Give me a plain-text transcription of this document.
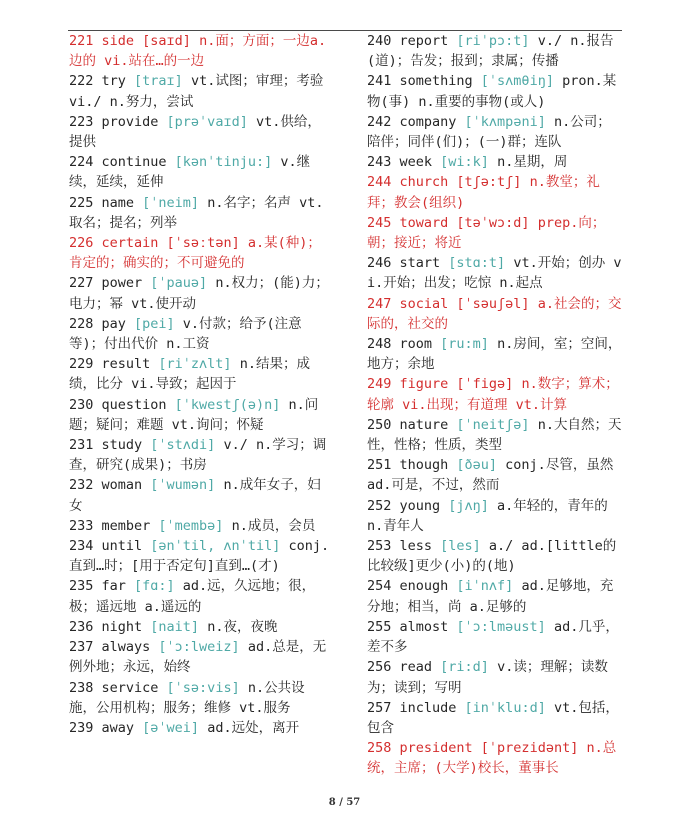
221 side [saɪd] n.面；方面；一边a.边的 vi.站在…的一边

222 try [traɪ] vt.试图；审理；考验 vi./ n.努力，尝试

223 provide [prəˈvaɪd] vt.供给，提供

224 continue [kənˈtinju:] v.继续，延续，延伸

225 name [ˈneim] n.名字；名声 vt.取名；提名；列举

226 certain [ˈsəːtən] a.某(种)；肯定的；确实的；不可避免的

227 power [ˈpauə] n.权力；(能)力；电力；幂 vt.使开动

228 pay [pei] v.付款；给予(注意等)；付出代价 n.工资

229 result [riˈzʌlt] n.结果；成绩，比分 vi.导致；起因于

230 question [ˈkwestʃ(ə)n] n.问题；疑问；难题 vt.询问；怀疑

231 study [ˈstʌdi] v./ n.学习；调查，研究(成果)；书房

232 woman [ˈwumən] n.成年女子，妇女

233 member [ˈmembə] n.成员，会员

234 until [ənˈtil, ʌnˈtil] conj.直到…时；[用于否定句]直到…(才)

235 far [fɑ:] ad.远，久远地；很，极；遥远地 a.遥远的

236 night [nait] n.夜，夜晚

237 always [ˈɔ:lweiz] ad.总是，无例外地；永远，始终

238 service [ˈsə:vis] n.公共设施，公用机构；服务；维修 vt.服务

239 away [əˈwei] ad.远处，离开

240 report [riˈpɔ:t] v./ n.报告(道)；告发；报到；隶属；传播

241 something [ˈsʌmθiŋ] pron.某物(事) n.重要的事物(或人)

242 company [ˈkʌmpəni] n.公司；陪伴；同伴(们)；(一)群；连队

243 week [wi:k] n.星期，周

244 church [tʃə:tʃ] n.教堂；礼拜；教会(组织)

245 toward [təˈwɔ:d] prep.向；朝；接近；将近

246 start [stɑ:t] vt.开始；创办 vi.开始；出发；吃惊 n.起点

247 social [ˈsəuʃəl] a.社会的；交际的，社交的

248 room [ru:m] n.房间，室；空间，地方；余地

249 figure [ˈfigə] n.数字；算术；轮廓 vi.出现；有道理 vt.计算

250 nature [ˈneitʃə] n.大自然；天性，性格；性质，类型

251 though [ðəu] conj.尽管，虽然 ad.可是，不过，然而

252 young [jʌŋ] a.年轻的，青年的 n.青年人

253 less [les] a./ ad.[little的比较级]更少(小)的(地)

254 enough [iˈnʌf] ad.足够地，充分地；相当，尚 a.足够的

255 almost [ˈɔ:lməust] ad.几乎，差不多

256 read [ri:d] v.读；理解；读数为；读到；写明

257 include [inˈklu:d] vt.包括，包含

258 president [ˈprezidənt] n.总统，主席；(大学)校长，董事长

8 / 57
